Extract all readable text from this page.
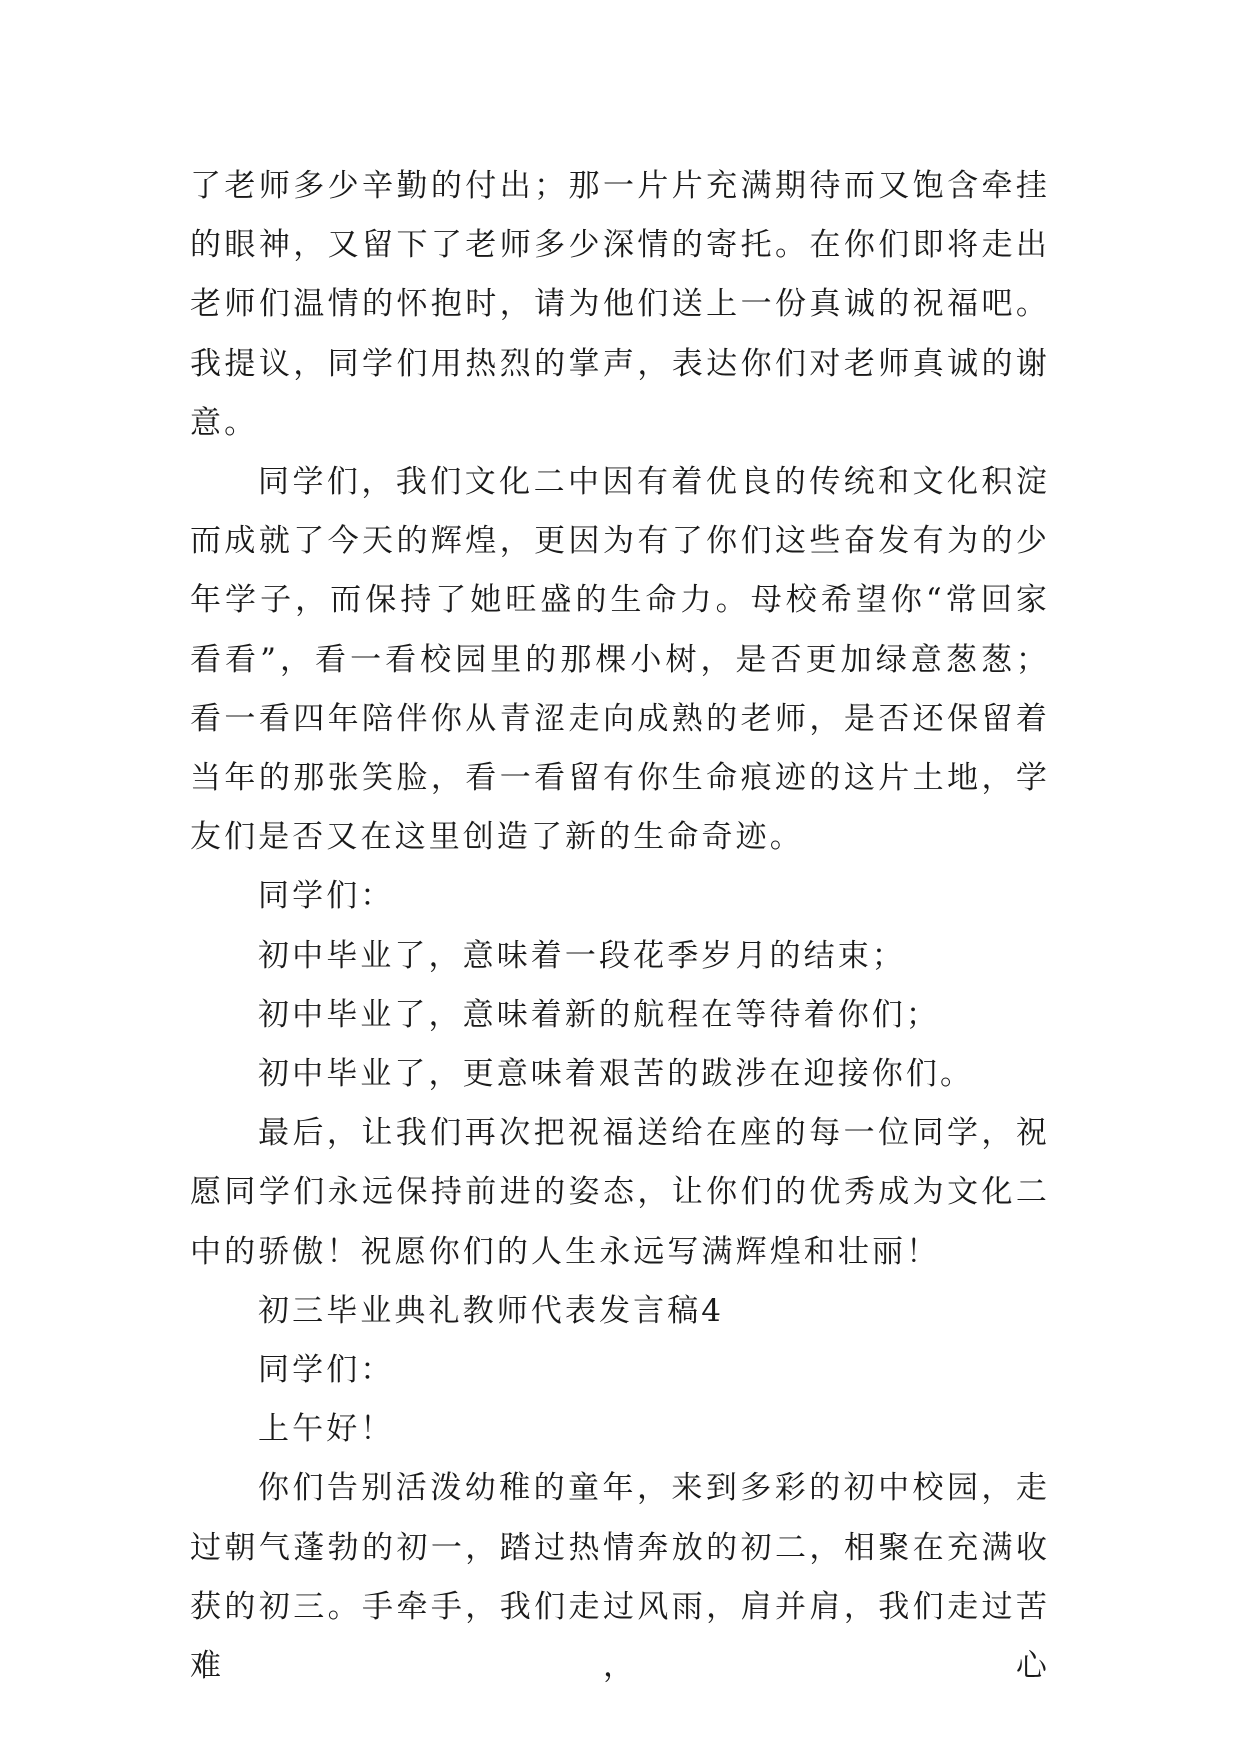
了老师多少辛勤的付出；那一片片充满期待而又饱含牵挂的眼神，又留下了老师多少深情的寄托。在你们即将走出老师们温情的怀抱时，请为他们送上一份真诚的祝福吧。我提议，同学们用热烈的掌声，表达你们对老师真诚的谢意。

同学们，我们文化二中因有着优良的传统和文化积淀而成就了今天的辉煌，更因为有了你们这些奋发有为的少年学子，而保持了她旺盛的生命力。母校希望你“常回家看看”，看一看校园里的那棵小树，是否更加绿意葱葱；看一看四年陪伴你从青涩走向成熟的老师，是否还保留着当年的那张笑脸，看一看留有你生命痕迹的这片土地，学友们是否又在这里创造了新的生命奇迹。

同学们：

初中毕业了，意味着一段花季岁月的结束；

初中毕业了，意味着新的航程在等待着你们；

初中毕业了，更意味着艰苦的跋涉在迎接你们。

最后，让我们再次把祝福送给在座的每一位同学，祝愿同学们永远保持前进的姿态，让你们的优秀成为文化二中的骄傲！祝愿你们的人生永远写满辉煌和壮丽！

初三毕业典礼教师代表发言稿4

同学们：

上午好！

你们告别活泼幼稚的童年，来到多彩的初中校园，走过朝气蓬勃的初一，踏过热情奔放的初二，相聚在充满收获的初三。手牵手，我们走过风雨，肩并肩，我们走过苦难，心
